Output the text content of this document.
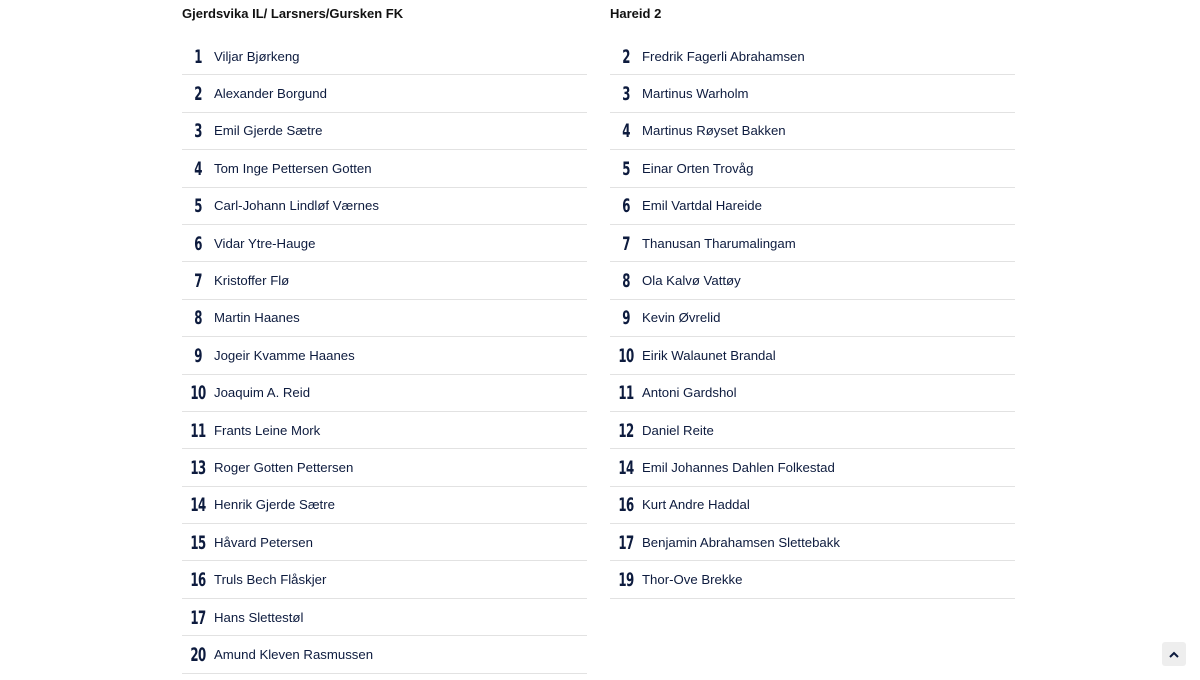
Gjerdsvika IL/ Larsners/Gursken FK
1 Viljar Bjørkeng
2 Alexander Borgund
3 Emil Gjerde Sætre
4 Tom Inge Pettersen Gotten
5 Carl-Johann Lindløf Værnes
6 Vidar Ytre-Hauge
7 Kristoffer Flø
8 Martin Haanes
9 Jogeir Kvamme Haanes
10 Joaquim A. Reid
11 Frants Leine Mork
13 Roger Gotten Pettersen
14 Henrik Gjerde Sætre
15 Håvard Petersen
16 Truls Bech Flåskjer
17 Hans Slettestøl
20 Amund Kleven Rasmussen
Hareid 2
2 Fredrik Fagerli Abrahamsen
3 Martinus Warholm
4 Martinus Røyset Bakken
5 Einar Orten Trovåg
6 Emil Vartdal Hareide
7 Thanusan Tharumalingam
8 Ola Kalvø Vattøy
9 Kevin Øvrelid
10 Eirik Walaunet Brandal
11 Antoni Gardshol
12 Daniel Reite
14 Emil Johannes Dahlen Folkestad
16 Kurt Andre Haddal
17 Benjamin Abrahamsen Slettebakk
19 Thor-Ove Brekke
